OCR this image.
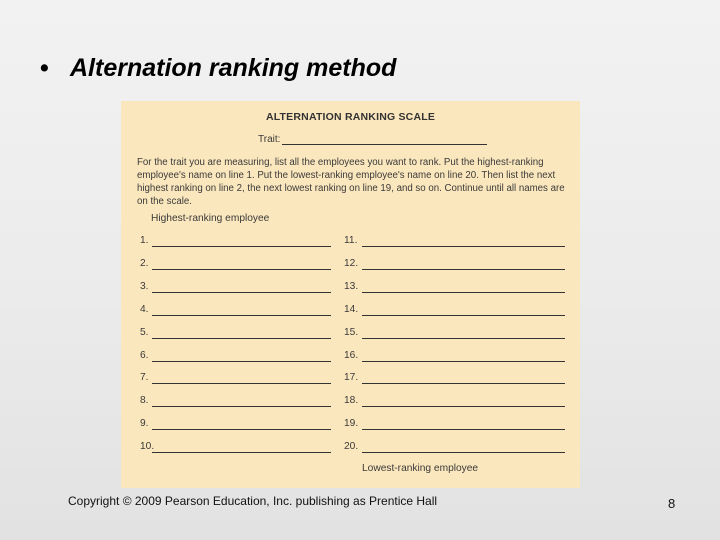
• Alternation ranking method
ALTERNATION RANKING SCALE
Trait:

For the trait you are measuring, list all the employees you want to rank. Put the highest-ranking employee's name on line 1. Put the lowest-ranking employee's name on line 20. Then list the next highest ranking on line 2, the next lowest ranking on line 19, and so on. Continue until all names are on the scale.

Highest-ranking employee
1.
2.
3.
4.
5.
6.
7.
8.
9.
10.
11.
12.
13.
14.
15.
16.
17.
18.
19.
20.
Lowest-ranking employee
Copyright © 2009 Pearson Education, Inc. publishing as Prentice Hall	8
